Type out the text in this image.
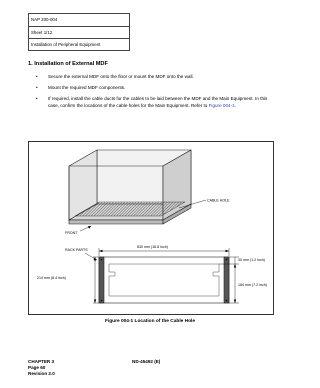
NAP 200-004
Sheet 1/12
Installation of Peripheral Equipment
1. Installation of External MDF
• Secure the external MDF onto the floor or mount the MDF onto the wall.
• Mount the required MDF components.
• If required, install the cable ducts for the cables to be laid between the MDF and the Main Equipment. In this case, confirm the locations of the cable holes for the Main Equipment. Refer to Figure 004-1.
CABLE HOLE
FRONT
630 mm (16.8 inch)
RACK PARTS
214 mm (8.4 inch)
30 mm (1.2 inch)
184 mm (7.2 inch)
Figure 004-1 Location of the Cable Hole
CHAPTER 3
Page 60
Revision 2.0
ND-45492 (E)
